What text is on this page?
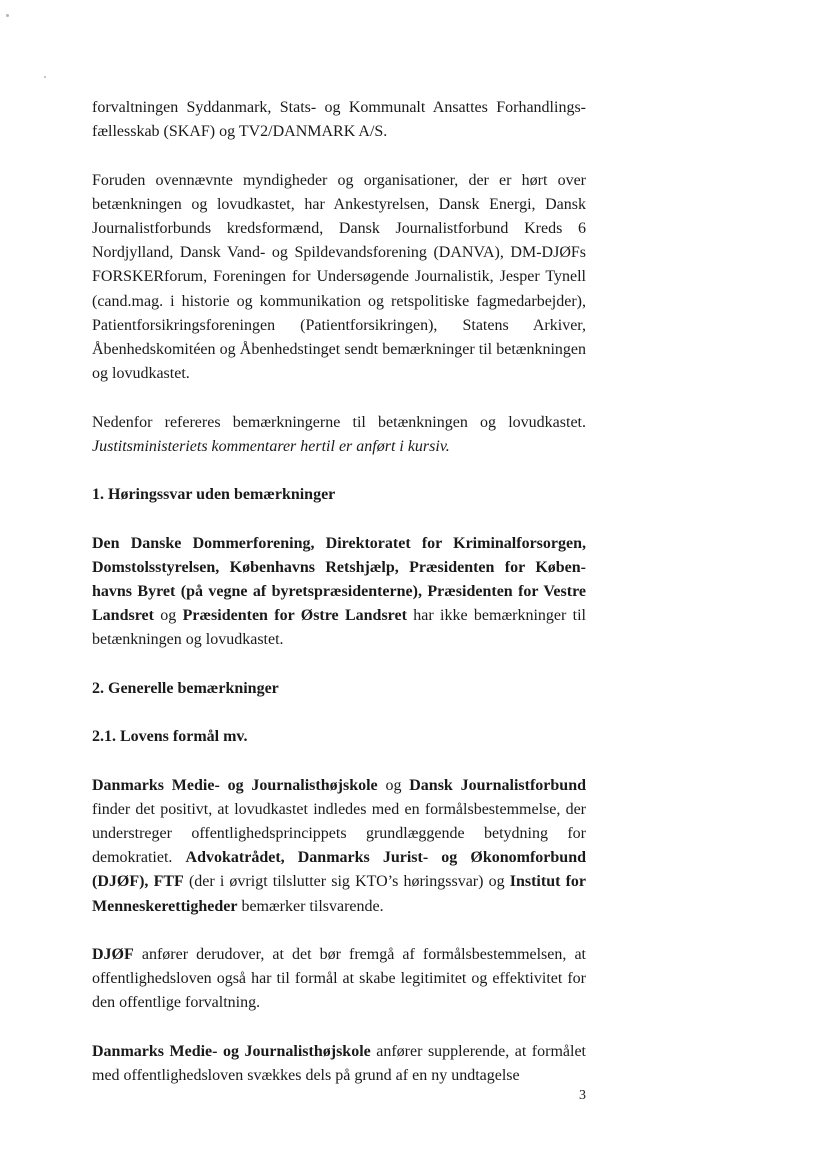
forvaltningen Syddanmark, Stats- og Kommunalt Ansattes Forhandlingsfællesskab (SKAF) og TV2/DANMARK A/S.

Foruden ovennævnte myndigheder og organisationer, der er hørt over betænkningen og lovudkastet, har Ankestyrelsen, Dansk Energi, Dansk Journalistforbunds kredsformænd, Dansk Journalistforbund Kreds 6 Nordjylland, Dansk Vand- og Spildevandsforening (DANVA), DM-DJØFs FORSKERforum, Foreningen for Undersøgende Journalistik, Jesper Tynell (cand.mag. i historie og kommunikation og retspolitiske fagmedarbejder), Patientforsikringsforeningen (Patientforsikringen), Statens Arkiver, Åbenhedskomitéen og Åbenhedstinget sendt bemærkninger til betænkningen og lovudkastet.

Nedenfor refereres bemærkningerne til betænkningen og lovudkastet. Justitsministeriets kommentarer hertil er anført i kursiv.

1. Høringssvar uden bemærkninger

Den Danske Dommerforening, Direktoratet for Kriminalforsorgen, Domstolsstyrelsen, Københavns Retshjælp, Præsidenten for Københavns Byret (på vegne af byretspræsidenterne), Præsidenten for Vestre Landsret og Præsidenten for Østre Landsret har ikke bemærkninger til betænkningen og lovudkastet.

2. Generelle bemærkninger
2.1. Lovens formål mv.

Danmarks Medie- og Journalisthøjskole og Dansk Journalistforbund finder det positivt, at lovudkastet indledes med en formålsbestemmelse, der understreger offentlighedsprincippets grundlæggende betydning for demokratiet. Advokatrådet, Danmarks Jurist- og Økonomforbund (DJØF), FTF (der i øvrigt tilslutter sig KTO’s høringssvar) og Institut for Menneskerettigheder bemærker tilsvarende.

DJØF anfører derudover, at det bør fremgå af formålsbestemmelsen, at offentlighedsloven også har til formål at skabe legitimitet og effektivitet for den offentlige forvaltning.

Danmarks Medie- og Journalisthøjskole anfører supplerende, at formålet med offentlighedsloven svækkes dels på grund af en ny undtagelse

3
